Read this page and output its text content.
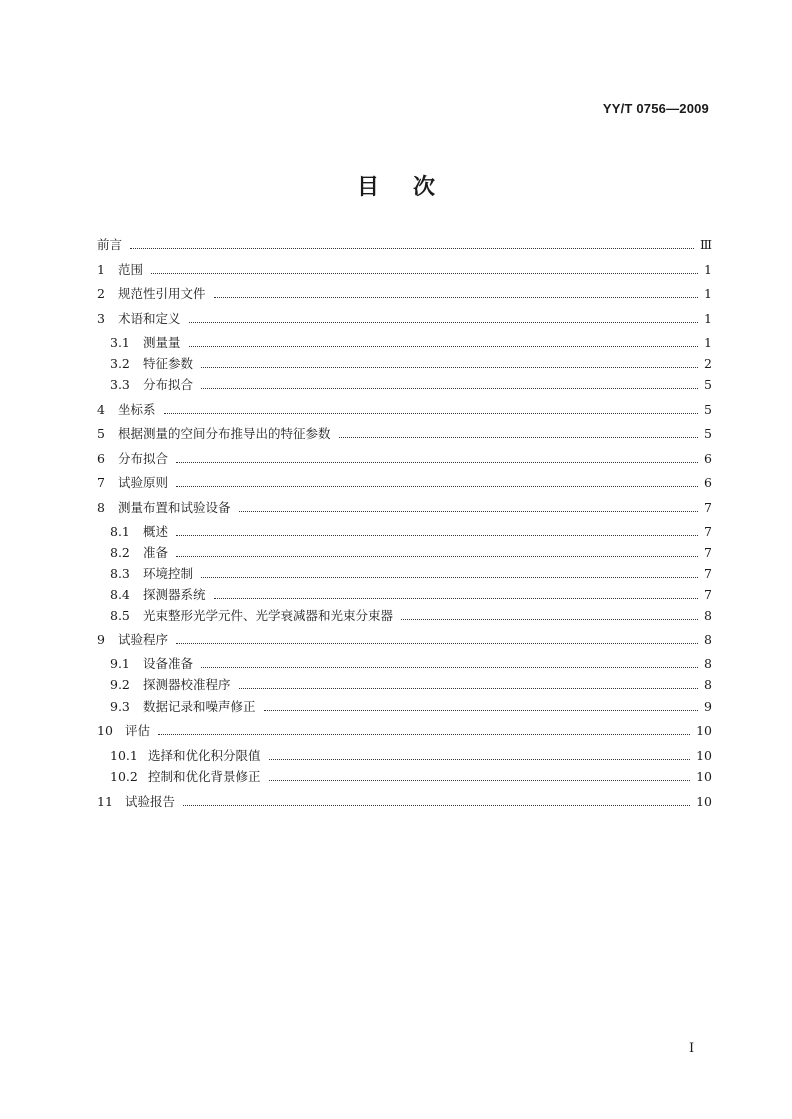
YY/T 0756—2009
目次
前言	Ⅲ
1	范围	1
2	规范性引用文件	1
3	术语和定义	1
3.1	测量量	1
3.2	特征参数	2
3.3	分布拟合	5
4	坐标系	5
5	根据测量的空间分布推导出的特征参数	5
6	分布拟合	6
7	试验原则	6
8	测量布置和试验设备	7
8.1	概述	7
8.2	准备	7
8.3	环境控制	7
8.4	探测器系统	7
8.5	光束整形光学元件、光学衰减器和光束分束器	8
9	试验程序	8
9.1	设备准备	8
9.2	探测器校准程序	8
9.3	数据记录和噪声修正	9
10 评估	10
10.1 选择和优化积分限值	10
10.2 控制和优化背景修正	10
11 试验报告	10
I
